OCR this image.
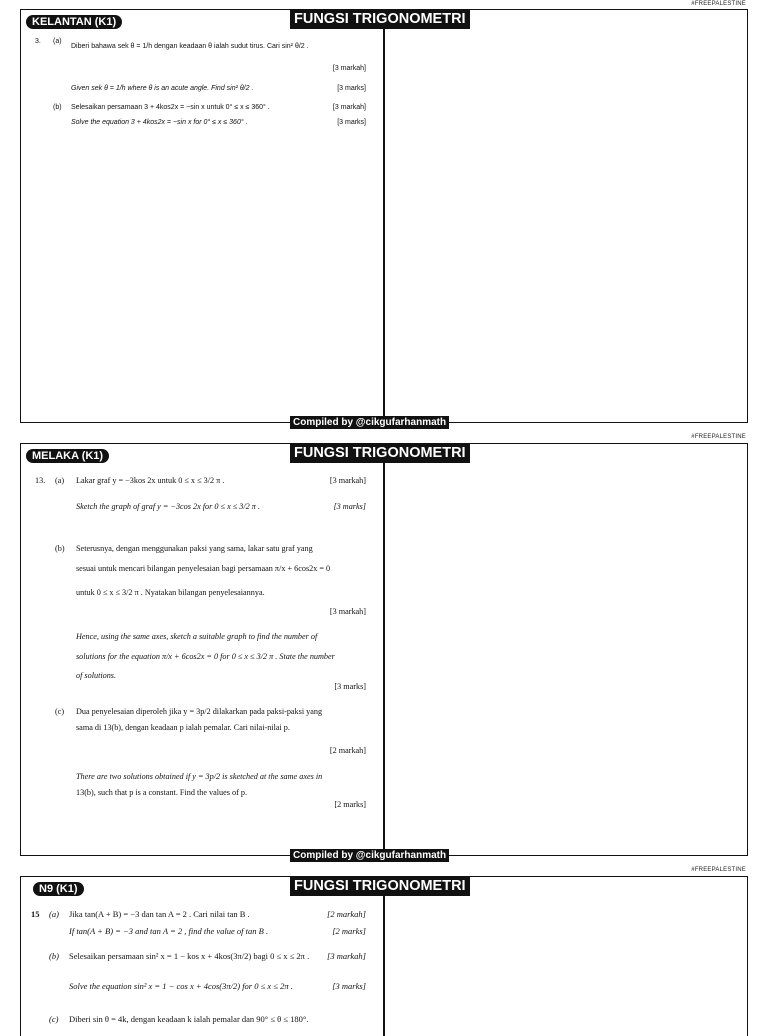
#FREEPALESTINE
KELANTAN (K1)	FUNGSI TRIGONOMETRI
3. (a)
Diberi bahawa sek θ = 1/h dengan keadaan θ ialah sudut tirus. Cari sin² θ/2 .
[3 markah]
Given sek θ = 1/h where θ is an acute angle. Find sin² θ/2 .	[3 marks]
(b) Selesaikan persamaan 3 + 4kos2x = −sin x untuk 0° ≤ x ≤ 360° .	[3 markah]
Solve the equation 3 + 4kos2x = −sin x for 0° ≤ x ≤ 360° .	[3 marks]
Compiled by @cikgufarhanmath
#FREEPALESTINE
MELAKA (K1)	FUNGSI TRIGONOMETRI
13. (a) Lakar graf y = −3kos 2x untuk 0 ≤ x ≤ 3/2 π .	[3 markah]
Sketch the graph of graf y = −3cos 2x for 0 ≤ x ≤ 3/2 π .	[3 marks]
(b) Seterusnya, dengan menggunakan paksi yang sama, lakar satu graf yang
sesuai untuk mencari bilangan penyelesaian bagi persamaan π/x + 6cos2x = 0
untuk 0 ≤ x ≤ 3/2 π . Nyatakan bilangan penyelesaiannya.
[3 markah]
Hence, using the same axes, sketch a suitable graph to find the number of
solutions for the equation π/x + 6cos2x = 0 for 0 ≤ x ≤ 3/2 π . State the number
of solutions.
[3 marks]
(c) Dua penyelesaian diperoleh jika y = 3p/2 dilakarkan pada paksi-paksi yang
sama di 13(b), dengan keadaan p ialah pemalar. Cari nilai-nilai p.
[2 markah]
There are two solutions obtained if y = 3p/2 is sketched at the same axes in
13(b), such that p is a constant. Find the values of p.
[2 marks]
Compiled by @cikgufarhanmath
#FREEPALESTINE
N9 (K1)	FUNGSI TRIGONOMETRI
15 (a) Jika tan(A + B) = −3 dan tan A = 2 . Cari nilai tan B .	[2 markah]
If tan(A + B) = −3 and tan A = 2 , find the value of tan B .	[2 marks]
(b) Selesaikan persamaan sin² x = 1 − kos x + 4kos(3π/2) bagi 0 ≤ x ≤ 2π . [3 markah]
Solve the equation sin² x = 1 − cos x + 4cos(3π/2) for 0 ≤ x ≤ 2π .	[3 marks]
(c) Diberi sin θ = 4k, dengan keadaan k ialah pemalar dan 90° ≤ θ ≤ 180°.
